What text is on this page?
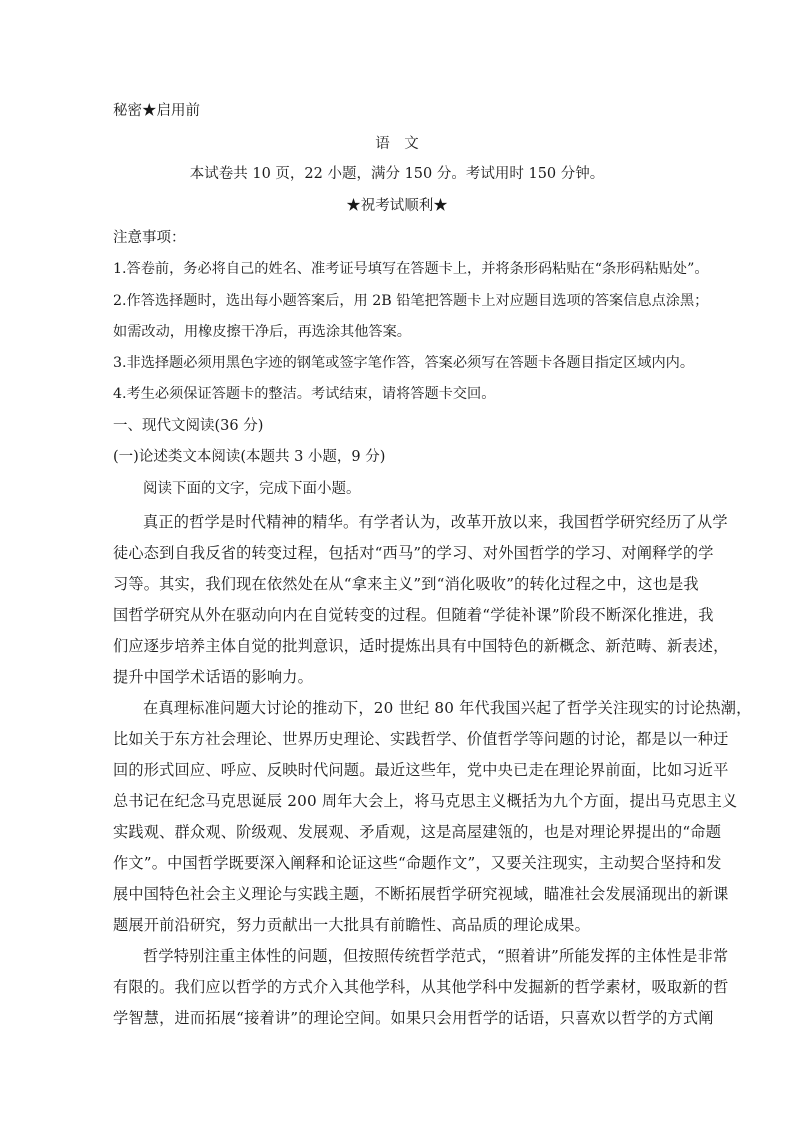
秘密★启用前
语　文
本试卷共 10 页，22 小题，满分 150 分。考试用时 150 分钟。
★祝考试顺利★
注意事项：
1.答卷前，务必将自己的姓名、准考证号填写在答题卡上，并将条形码粘贴在“条形码粘贴处”。
2.作答选择题时，选出每小题答案后，用 2B 铅笔把答题卡上对应题目选项的答案信息点涂黑；
如需改动，用橡皮擦干净后，再选涂其他答案。
3.非选择题必须用黑色字迹的钢笔或签字笔作答，答案必须写在答题卡各题目指定区域内内。
4.考生必须保证答题卡的整洁。考试结束，请将答题卡交回。
一、现代文阅读(36 分)
(一)论述类文本阅读(本题共 3 小题，9 分)
阅读下面的文字，完成下面小题。
真正的哲学是时代精神的精华。有学者认为，改革开放以来，我国哲学研究经历了从学
徒心态到自我反省的转变过程，包括对“西马”的学习、对外国哲学的学习、对阐释学的学
习等。其实，我们现在依然处在从“拿来主义”到“消化吸收”的转化过程之中，这也是我
国哲学研究从外在驱动向内在自觉转变的过程。但随着“学徒补课”阶段不断深化推进，我
们应逐步培养主体自觉的批判意识，适时提炼出具有中国特色的新概念、新范畴、新表述，
提升中国学术话语的影响力。
在真理标准问题大讨论的推动下，20 世纪 80 年代我国兴起了哲学关注现实的讨论热潮，
比如关于东方社会理论、世界历史理论、实践哲学、价值哲学等问题的讨论，都是以一种迂
回的形式回应、呼应、反映时代问题。最近这些年，党中央已走在理论界前面，比如习近平
总书记在纪念马克思诞辰 200 周年大会上，将马克思主义概括为九个方面，提出马克思主义
实践观、群众观、阶级观、发展观、矛盾观，这是高屋建瓴的，也是对理论界提出的“命题
作文”。中国哲学既要深入阐释和论证这些“命题作文”，又要关注现实，主动契合坚持和发
展中国特色社会主义理论与实践主题，不断拓展哲学研究视域，瞄准社会发展涌现出的新课
题展开前沿研究，努力贡献出一大批具有前瞻性、高品质的理论成果。
哲学特别注重主体性的问题，但按照传统哲学范式，“照着讲”所能发挥的主体性是非常
有限的。我们应以哲学的方式介入其他学科，从其他学科中发掘新的哲学素材，吸取新的哲
学智慧，进而拓展“接着讲”的理论空间。如果只会用哲学的话语，只喜欢以哲学的方式阐
